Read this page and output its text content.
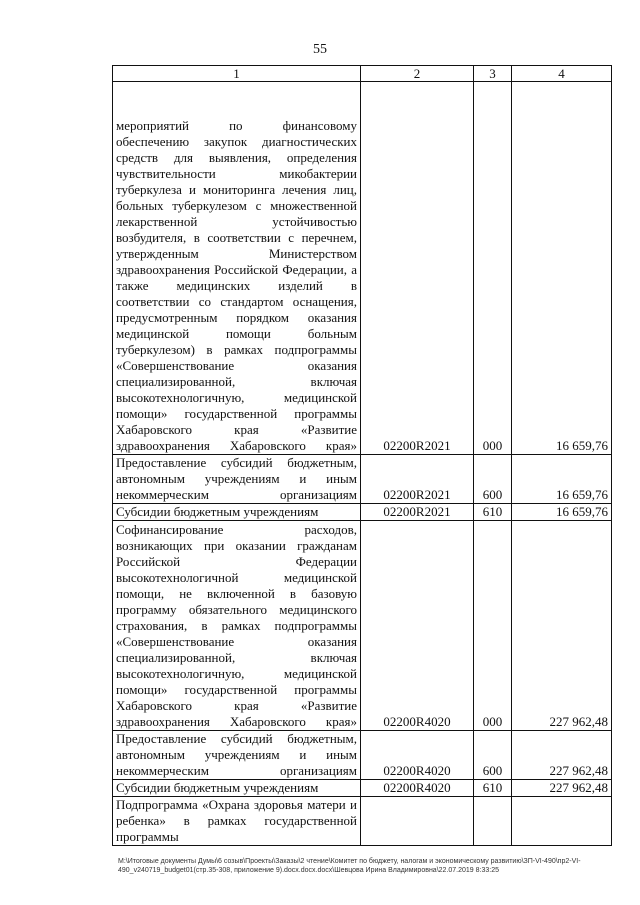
55
1	2	3	4
мероприятий по финансовому обеспечению закупок диагностических средств для выявления, определения чувствительности микобактерии туберкулеза и мониторинга лечения лиц, больных туберкулезом с множественной лекарственной устойчивостью возбудителя, в соответствии с перечнем, утвержденным Министерством здравоохранения Российской Федерации, а также медицинских изделий в соответствии со стандартом оснащения, предусмотренным порядком оказания медицинской помощи больным туберкулезом) в рамках подпрограммы «Совершенствование оказания специализированной, включая высокотехнологичную, медицинской помощи» государственной программы Хабаровского края «Развитие здравоохранения Хабаровского края»	02200R2021	000	16 659,76
Предоставление субсидий бюджетным, автономным учреждениям и иным некоммерческим организациям	02200R2021	600	16 659,76
Субсидии бюджетным учреждениям	02200R2021	610	16 659,76
Софинансирование расходов, возникающих при оказании гражданам Российской Федерации высокотехнологичной медицинской помощи, не включенной в базовую программу обязательного медицинского страхования, в рамках подпрограммы «Совершенствование оказания специализированной, включая высокотехнологичную, медицинской помощи» государственной программы Хабаровского края «Развитие здравоохранения Хабаровского края»	02200R4020	000	227 962,48
Предоставление субсидий бюджетным, автономным учреждениям и иным некоммерческим организациям	02200R4020	600	227 962,48
Субсидии бюджетным учреждениям	02200R4020	610	227 962,48
Подпрограмма «Охрана здоровья матери и ребенка» в рамках государственной программы			
M:\Итоговые документы Думы\6 созыв\Проекты\Заказы\2 чтение\Комитет по бюджету, налогам и экономическому развитию\ЗП-VI-490\пр2-VI-
490_v240719_budget01(стр.35-308, приложение 9).docx.docx.docx\Шевцова Ирина Владимировна\22.07.2019 8:33:25
